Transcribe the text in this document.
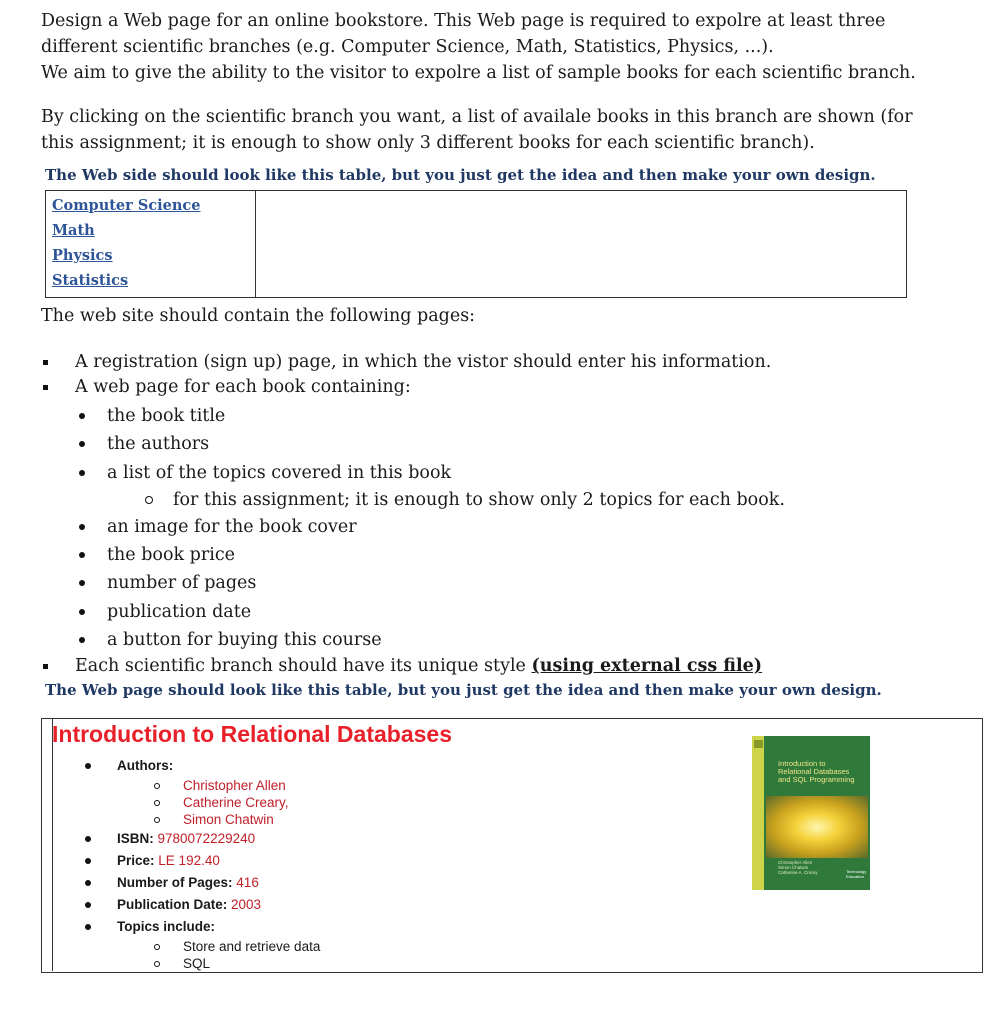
Design a Web page for an online bookstore. This Web page is required to expolre at least three

different scientific branches (e.g. Computer Science, Math, Statistics, Physics, ...).

We aim to give the ability to the visitor to expolre a list of sample books for each scientific branch.

By clicking on the scientific branch you want, a list of availale books in this branch are shown (for

this assignment; it is enough to show only 3 different books for each scientific branch).

The Web side should look like this table, but you just get the idea and then make your own design.

Computer Science
Math
Physics
Statistics

The web site should contain the following pages:

A registration (sign up) page, in which the vistor should enter his information.
A web page for each book containing:
the book title
the authors
a list of the topics covered in this book
for this assignment; it is enough to show only 2 topics for each book.
an image for the book cover
the book price
number of pages
publication date
a button for buying this course
Each scientific branch should have its unique style (using external css file)

The Web page should look like this table, but you just get the idea and then make your own design.

Introduction to Relational Databases
Authors:
Christopher Allen
Catherine Creary,
Simon Chatwin
ISBN: 9780072229240
Price: LE 192.40
Number of Pages: 416
Publication Date: 2003
Topics include:
Store and retrieve data
SQL
Introduction to
Relational Databases
and SQL Programming
Christopher Allen
Simon Chatwin
Catherine A. Creary	Technology Education
